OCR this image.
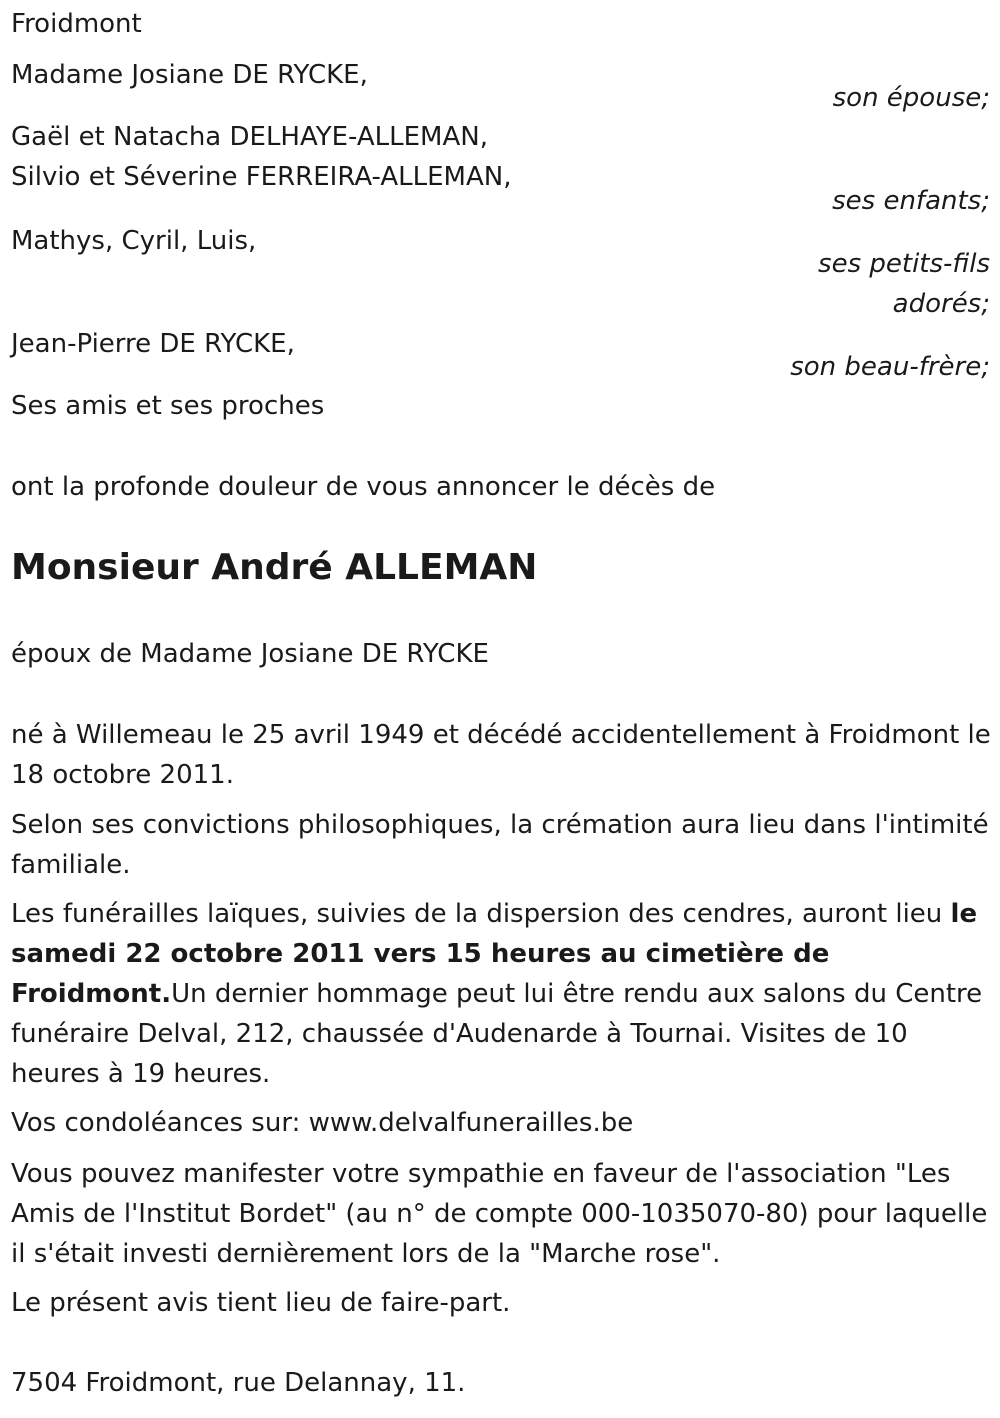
Froidmont
Madame Josiane DE RYCKE,
son épouse;
Gaël et Natacha DELHAYE-ALLEMAN,
Silvio et Séverine FERREIRA-ALLEMAN,
ses enfants;
Mathys, Cyril, Luis,
ses petits-fils
adorés;
Jean-Pierre DE RYCKE,
son beau-frère;
Ses amis et ses proches
ont la profonde douleur de vous annoncer le décès de
Monsieur André ALLEMAN
époux de Madame Josiane DE RYCKE
né à Willemeau le 25 avril 1949 et décédé accidentellement à Froidmont le 18 octobre 2011.
Selon ses convictions philosophiques, la crémation aura lieu dans l'intimité familiale.
Les funérailles laïques, suivies de la dispersion des cendres, auront lieu le samedi 22 octobre 2011 vers 15 heures au cimetière de Froidmont.Un dernier hommage peut lui être rendu aux salons du Centre funéraire Delval, 212, chaussée d'Audenarde à Tournai. Visites de 10 heures à 19 heures.
Vos condoléances sur: www.delvalfunerailles.be
Vous pouvez manifester votre sympathie en faveur de l'association "Les Amis de l'Institut Bordet" (au n° de compte 000-1035070-80) pour laquelle il s'était investi dernièrement lors de la "Marche rose".
Le présent avis tient lieu de faire-part.
7504 Froidmont, rue Delannay, 11.
